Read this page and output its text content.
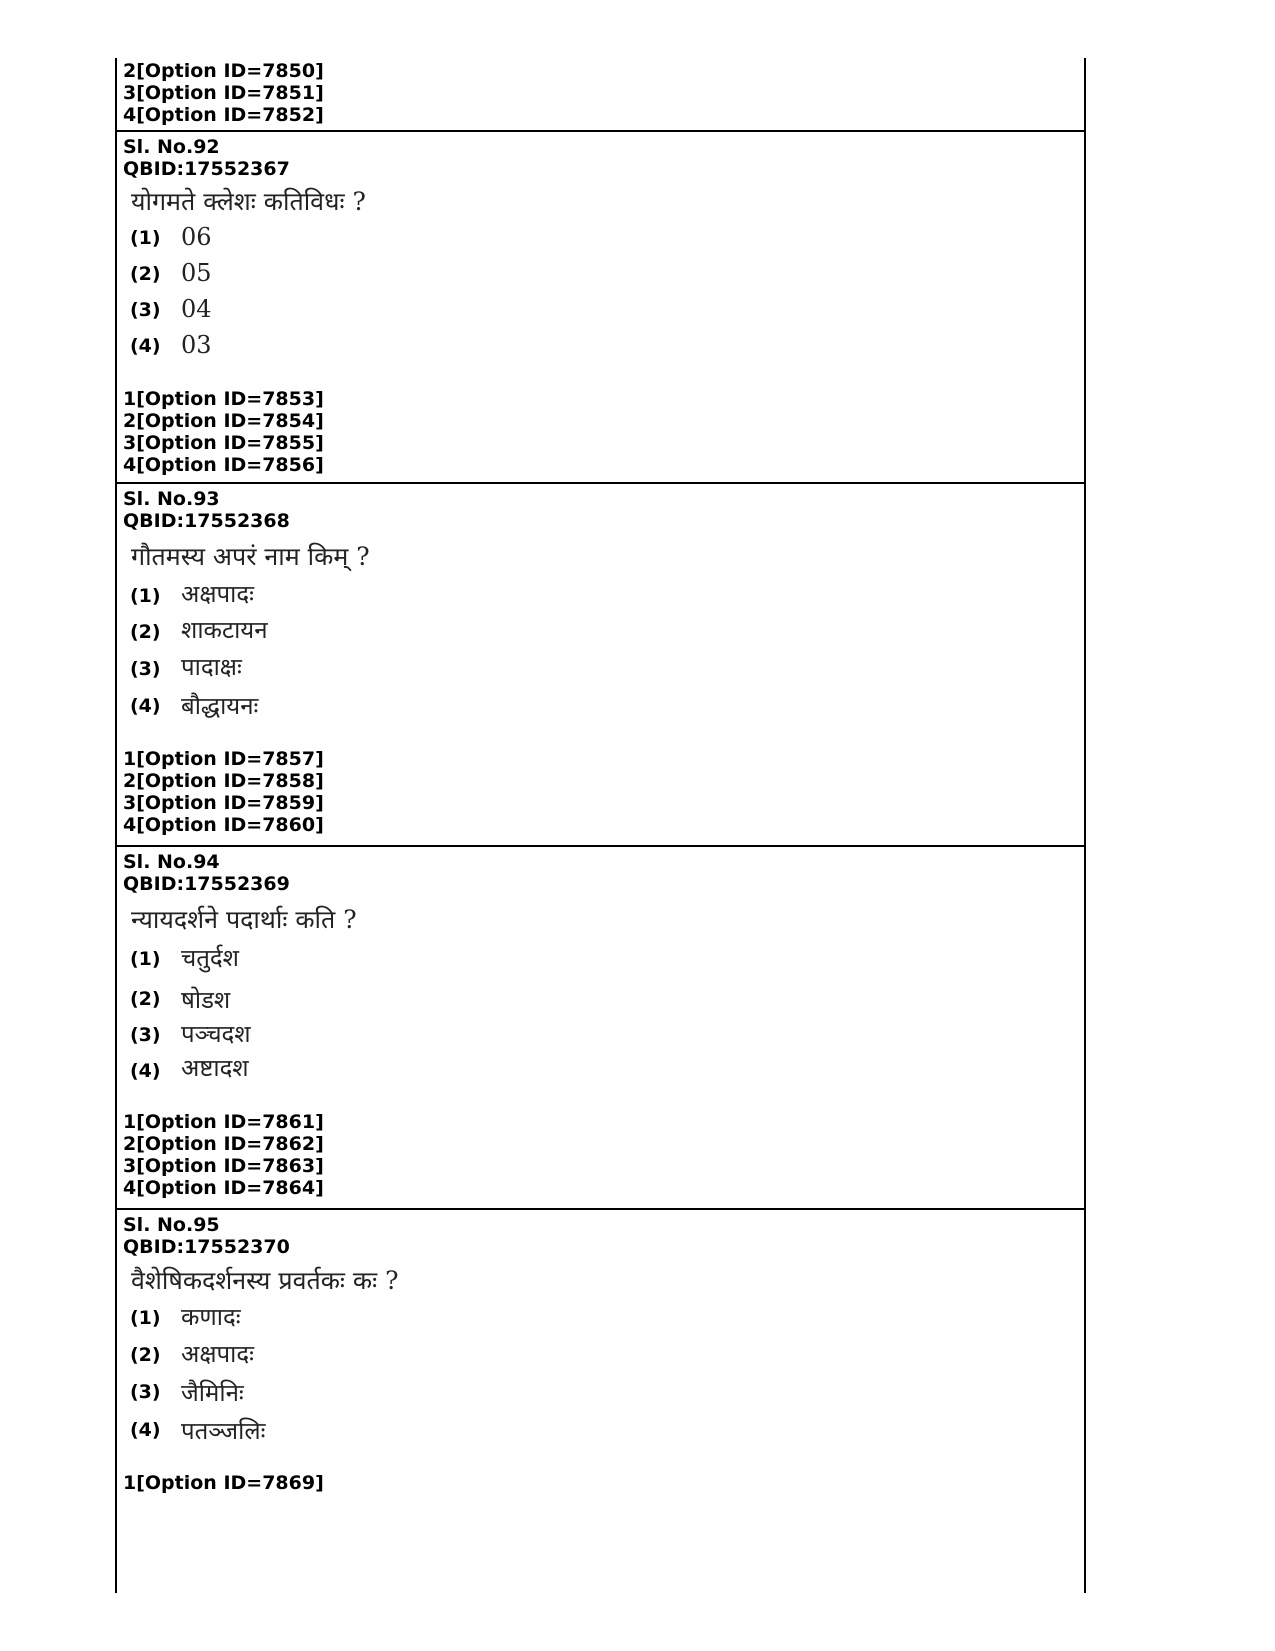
2[Option ID=7850]
3[Option ID=7851]
4[Option ID=7852]
Sl. No.92
QBID:17552367
योगमते क्लेशः कतिविधः ?
(1) 06
(2) 05
(3) 04
(4) 03
1[Option ID=7853]
2[Option ID=7854]
3[Option ID=7855]
4[Option ID=7856]
Sl. No.93
QBID:17552368
गौतमस्य अपरं नाम किम् ?
(1) अक्षपादः
(2) शाकटायन
(3) पादाक्षः
(4) बौद्धायनः
1[Option ID=7857]
2[Option ID=7858]
3[Option ID=7859]
4[Option ID=7860]
Sl. No.94
QBID:17552369
न्यायदर्शने पदार्थाः कति ?
(1) चतुर्दश
(2) षोडश
(3) पञ्चदश
(4) अष्टादश
1[Option ID=7861]
2[Option ID=7862]
3[Option ID=7863]
4[Option ID=7864]
Sl. No.95
QBID:17552370
वैशेषिकदर्शनस्य प्रवर्तकः कः ?
(1) कणादः
(2) अक्षपादः
(3) जैमिनिः
(4) पतञ्जलिः
1[Option ID=7869]
